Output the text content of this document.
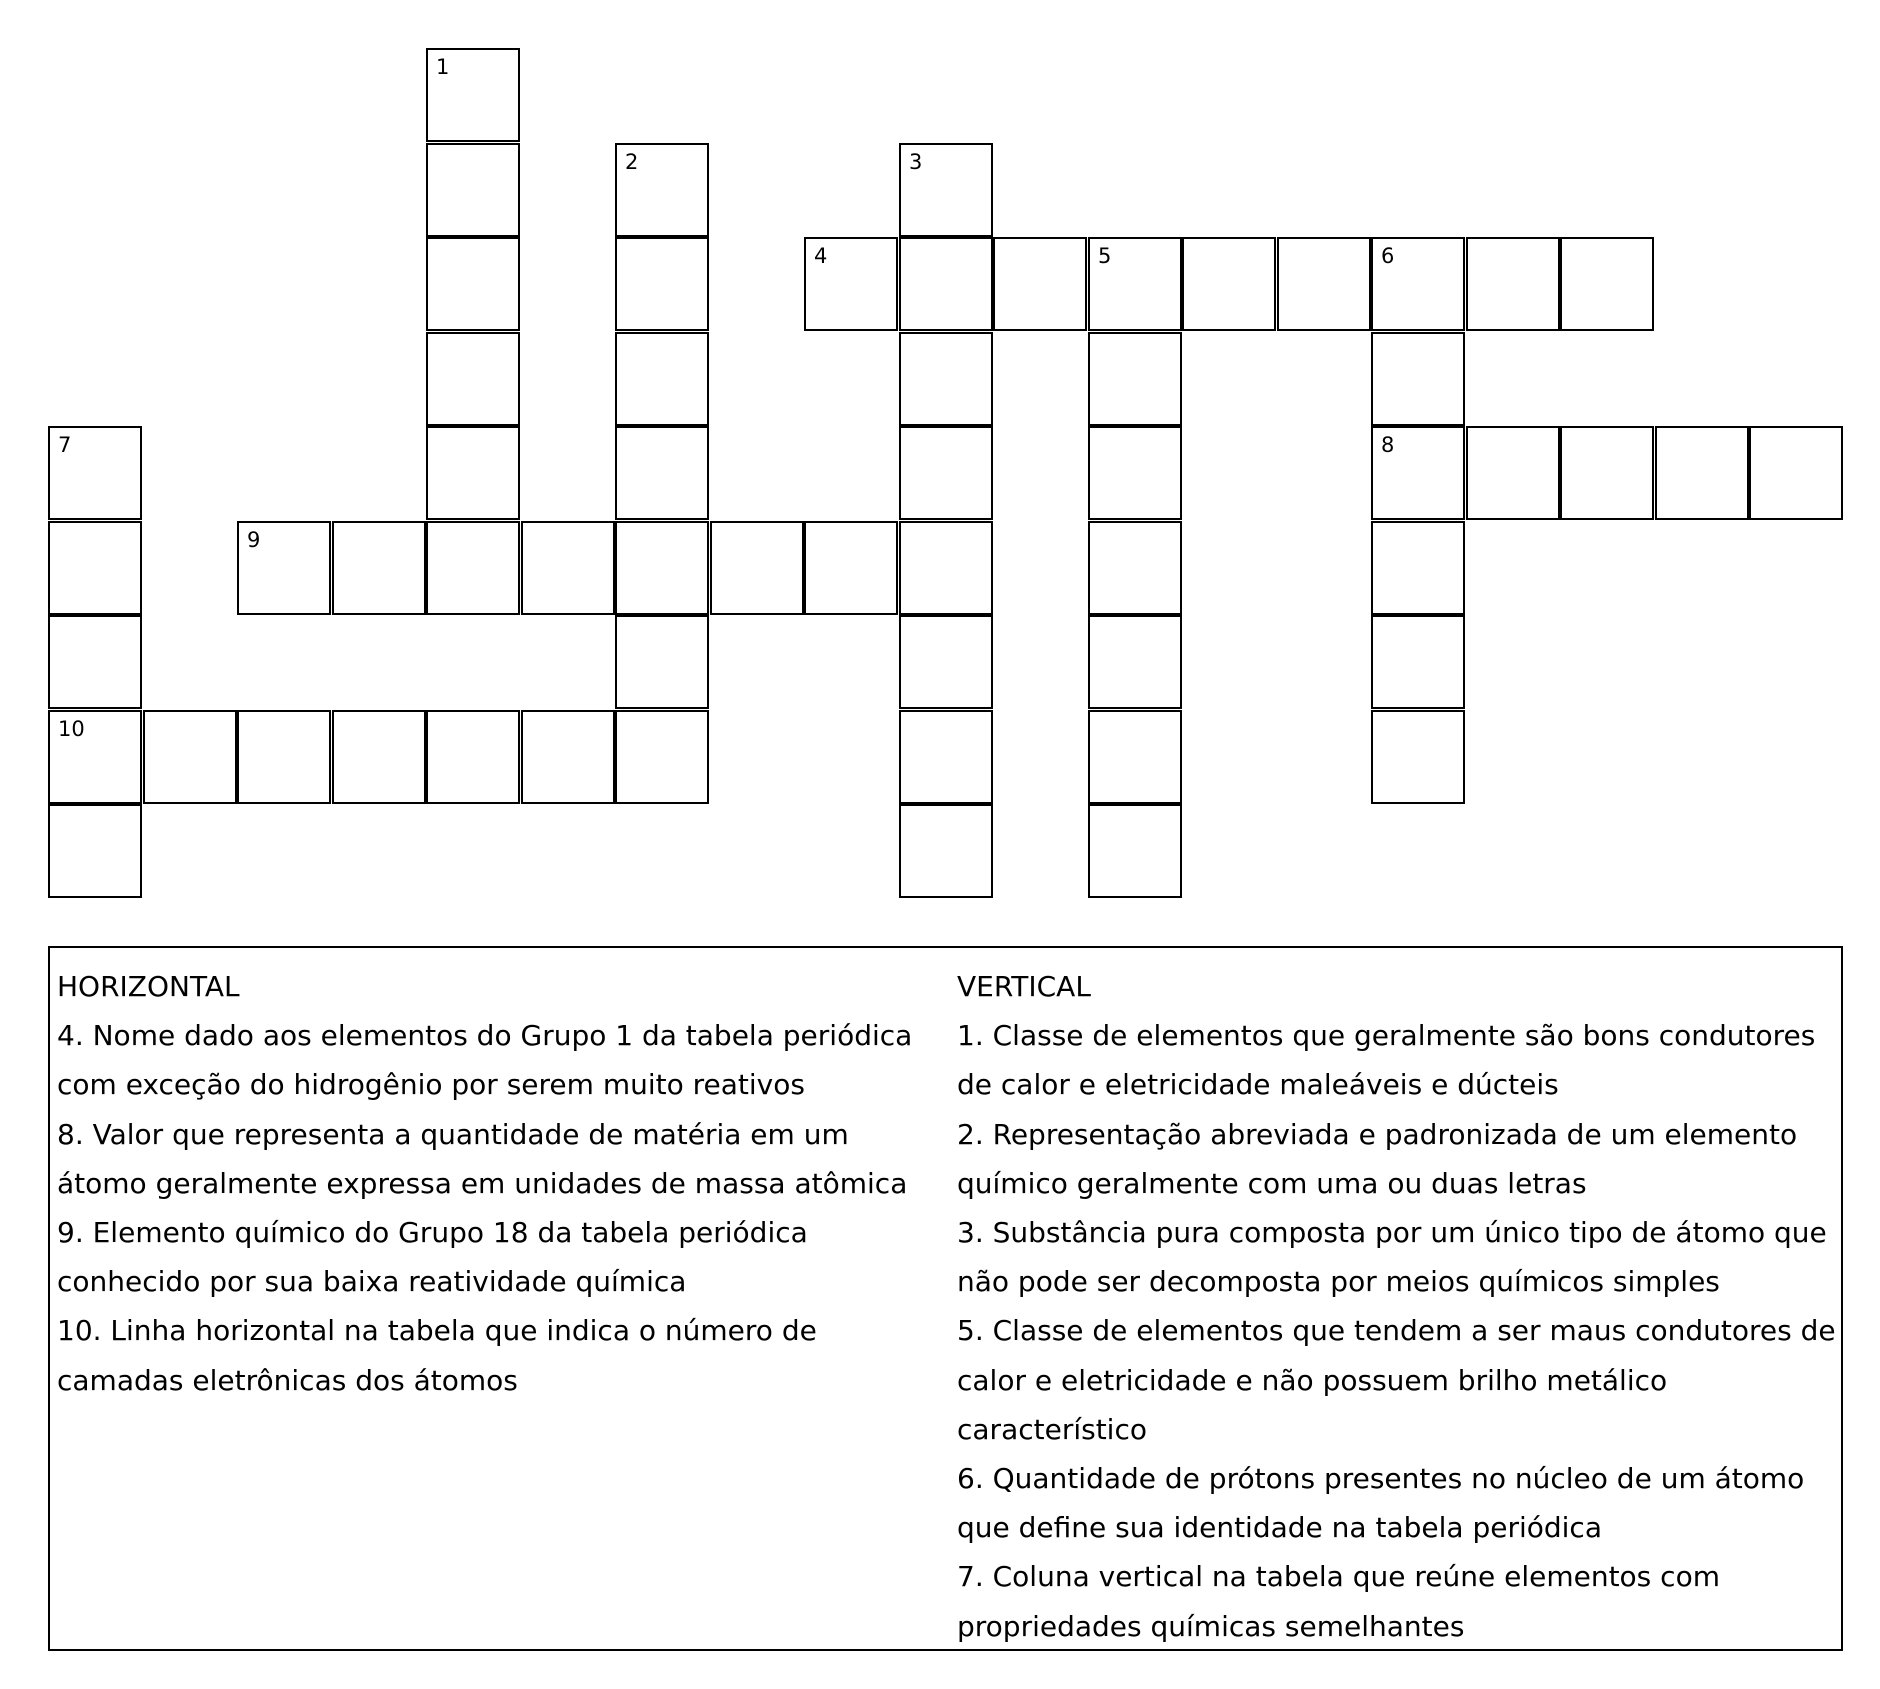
1
2	3
4	5	6
7	8
9
10
HORIZONTAL
4. Nome dado aos elementos do Grupo 1 da tabela periódica com exceção do hidrogênio por serem muito reativos
8. Valor que representa a quantidade de matéria em um átomo geralmente expressa em unidades de massa atômica
9. Elemento químico do Grupo 18 da tabela periódica conhecido por sua baixa reatividade química
10. Linha horizontal na tabela que indica o número de camadas eletrônicas dos átomos
VERTICAL
1. Classe de elementos que geralmente são bons condutores de calor e eletricidade maleáveis e dúcteis
2. Representação abreviada e padronizada de um elemento químico geralmente com uma ou duas letras
3. Substância pura composta por um único tipo de átomo que não pode ser decomposta por meios químicos simples
5. Classe de elementos que tendem a ser maus condutores de calor e eletricidade e não possuem brilho metálico característico
6. Quantidade de prótons presentes no núcleo de um átomo que define sua identidade na tabela periódica
7. Coluna vertical na tabela que reúne elementos com propriedades químicas semelhantes
